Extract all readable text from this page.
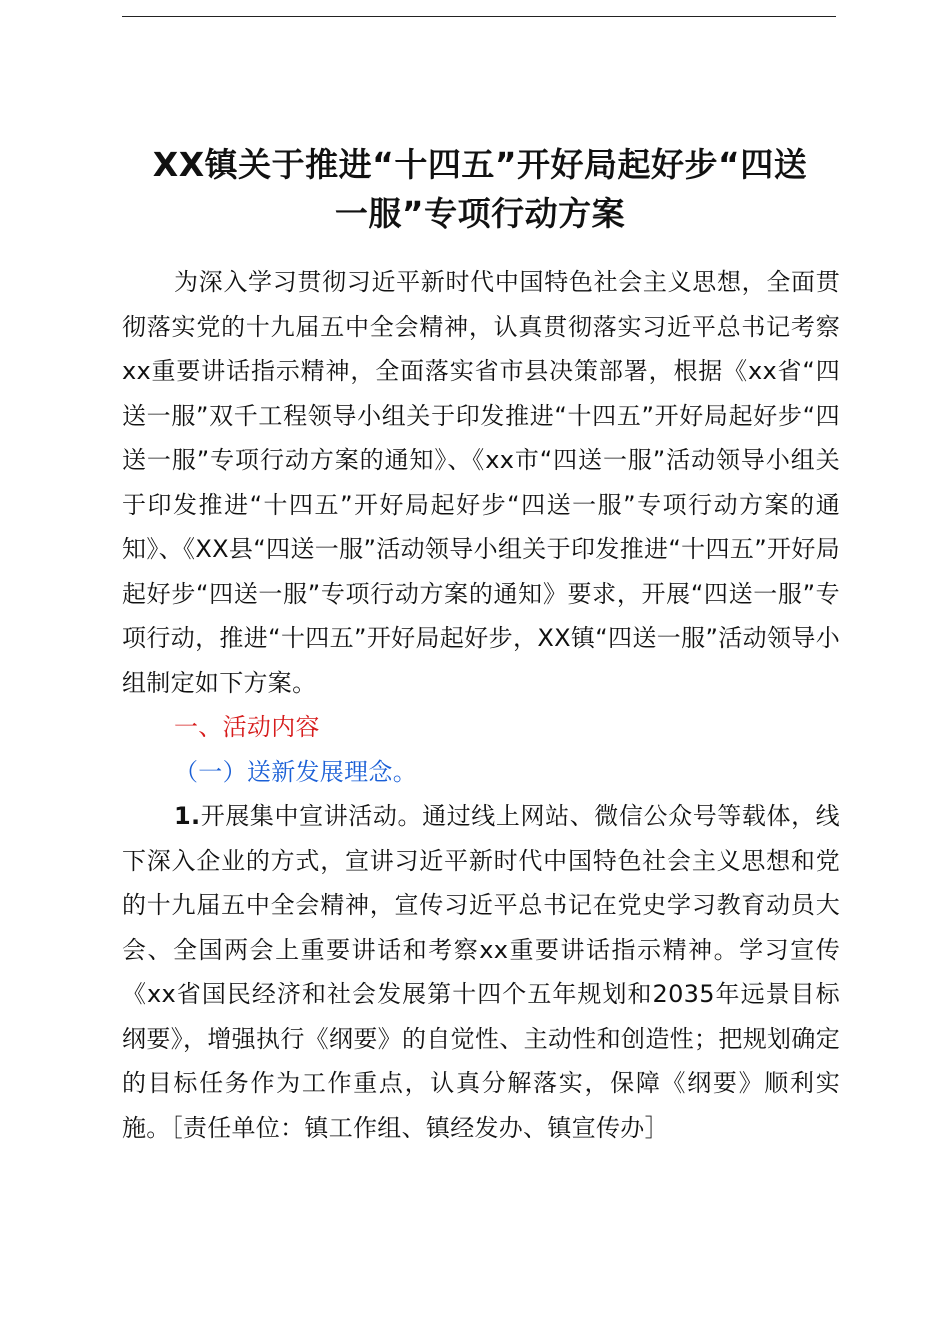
XX镇关于推进“十四五”开好局起好步“四送
一服”专项行动方案

为深入学习贯彻习近平新时代中国特色社会主义思想，全面贯彻落实党的十九届五中全会精神，认真贯彻落实习近平总书记考察xx重要讲话指示精神，全面落实省市县决策部署，根据《xx省“四送一服”双千工程领导小组关于印发推进“十四五”开好局起好步“四送一服”专项行动方案的通知》、《xx市“四送一服”活动领导小组关于印发推进“十四五”开好局起好步“四送一服”专项行动方案的通知》、《XX县“四送一服”活动领导小组关于印发推进“十四五”开好局起好步“四送一服”专项行动方案的通知》要求，开展“四送一服”专项行动，推进“十四五”开好局起好步，XX镇“四送一服”活动领导小组制定如下方案。

一、活动内容

（一）送新发展理念。

1.开展集中宣讲活动。通过线上网站、微信公众号等载体，线下深入企业的方式，宣讲习近平新时代中国特色社会主义思想和党的十九届五中全会精神，宣传习近平总书记在党史学习教育动员大会、全国两会上重要讲话和考察xx重要讲话指示精神。学习宣传《xx省国民经济和社会发展第十四个五年规划和2035年远景目标纲要》，增强执行《纲要》的自觉性、主动性和创造性；把规划确定的目标任务作为工作重点，认真分解落实，保障《纲要》顺利实施。［责任单位：镇工作组、镇经发办、镇宣传办］
